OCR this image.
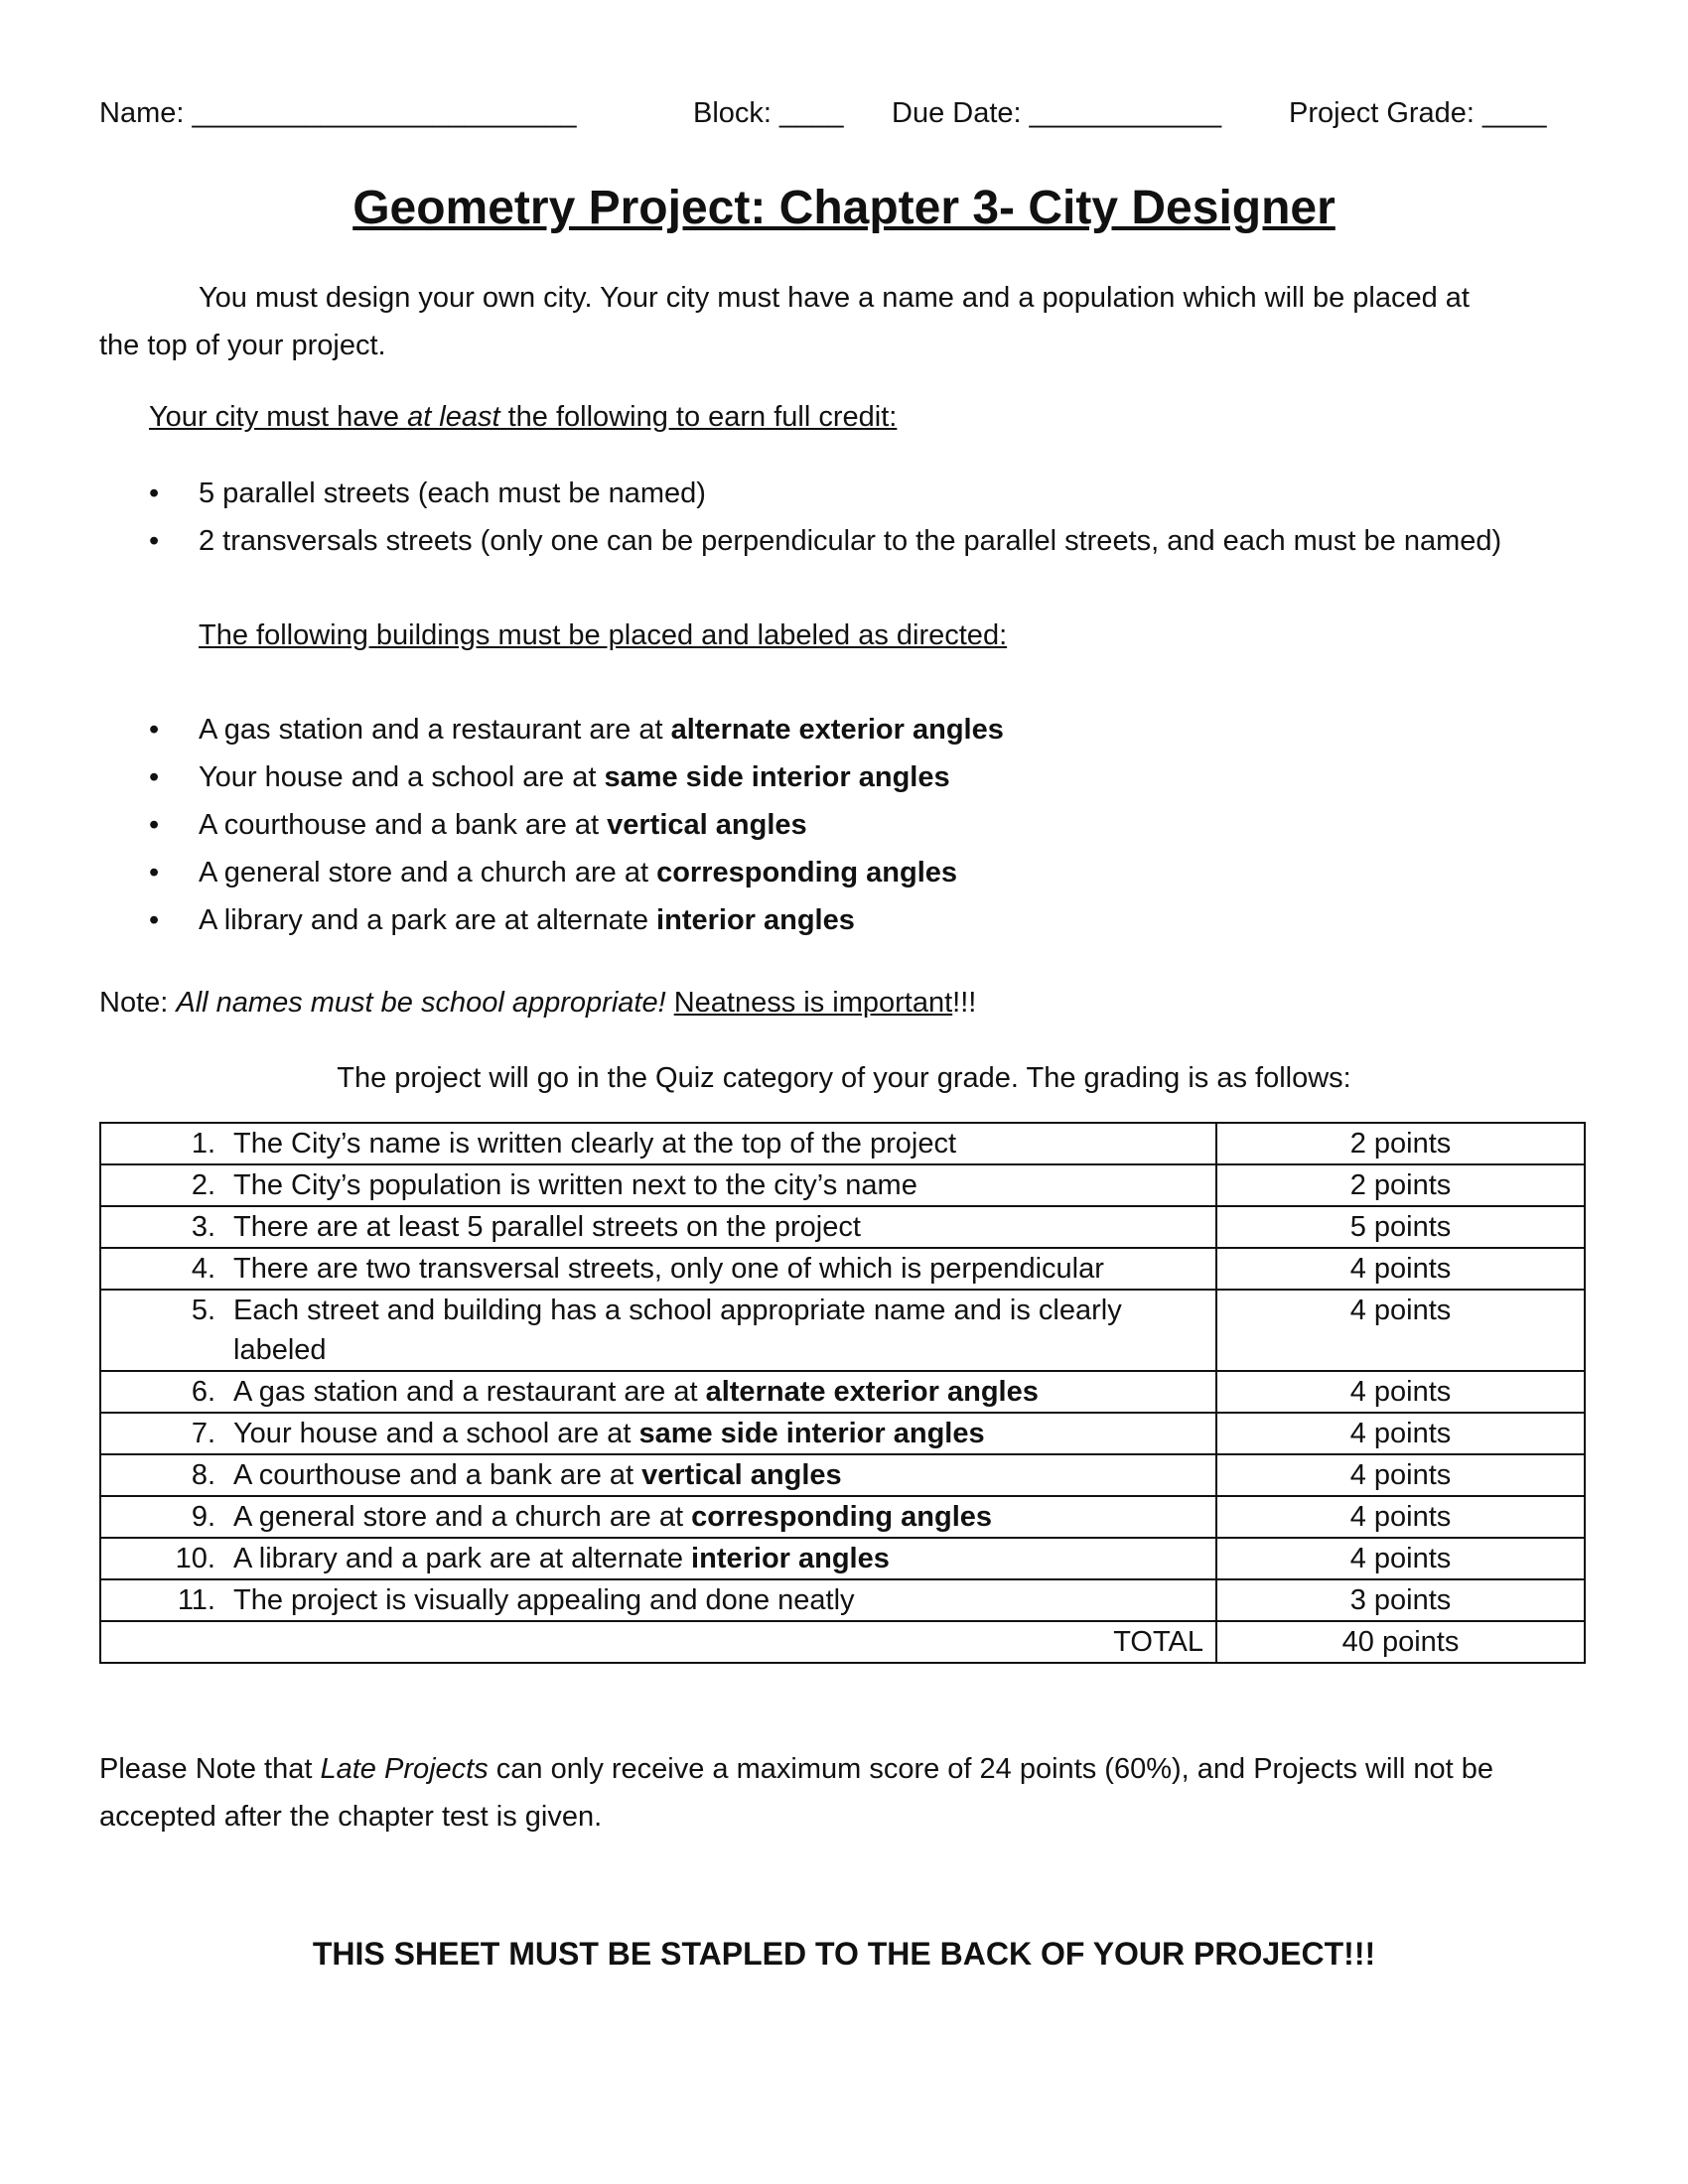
Name: ________________________	Block: ____ Due Date: ____________ Project Grade: ____
Geometry Project: Chapter 3- City Designer
You must design your own city. Your city must have a name and a population which will be placed at
the top of your project.
Your city must have at least the following to earn full credit:
• 5 parallel streets (each must be named)
• 2 transversals streets (only one can be perpendicular to the parallel streets, and each must be named)
The following buildings must be placed and labeled as directed:
• A gas station and a restaurant are at alternate exterior angles
• Your house and a school are at same side interior angles
• A courthouse and a bank are at vertical angles
• A general store and a church are at corresponding angles
• A library and a park are at alternate interior angles
Note: All names must be school appropriate! Neatness is important!!!
The project will go in the Quiz category of your grade. The grading is as follows:
1. The City’s name is written clearly at the top of the project	2 points

2. The City’s population is written next to the city’s name	2 points

3. There are at least 5 parallel streets on the project	5 points

4. There are two transversal streets, only one of which is perpendicular	4 points

5. Each street and building has a school appropriate name and is clearly labeled	4 points

6. A gas station and a restaurant are at alternate exterior angles	4 points

7. Your house and a school are at same side interior angles	4 points

8. A courthouse and a bank are at vertical angles	4 points

9. A general store and a church are at corresponding angles	4 points

10. A library and a park are at alternate interior angles	4 points

11. The project is visually appealing and done neatly	3 points
TOTAL	40 points
Please Note that Late Projects can only receive a maximum score of 24 points (60%), and Projects will not be
accepted after the chapter test is given.
THIS SHEET MUST BE STAPLED TO THE BACK OF YOUR PROJECT!!!
